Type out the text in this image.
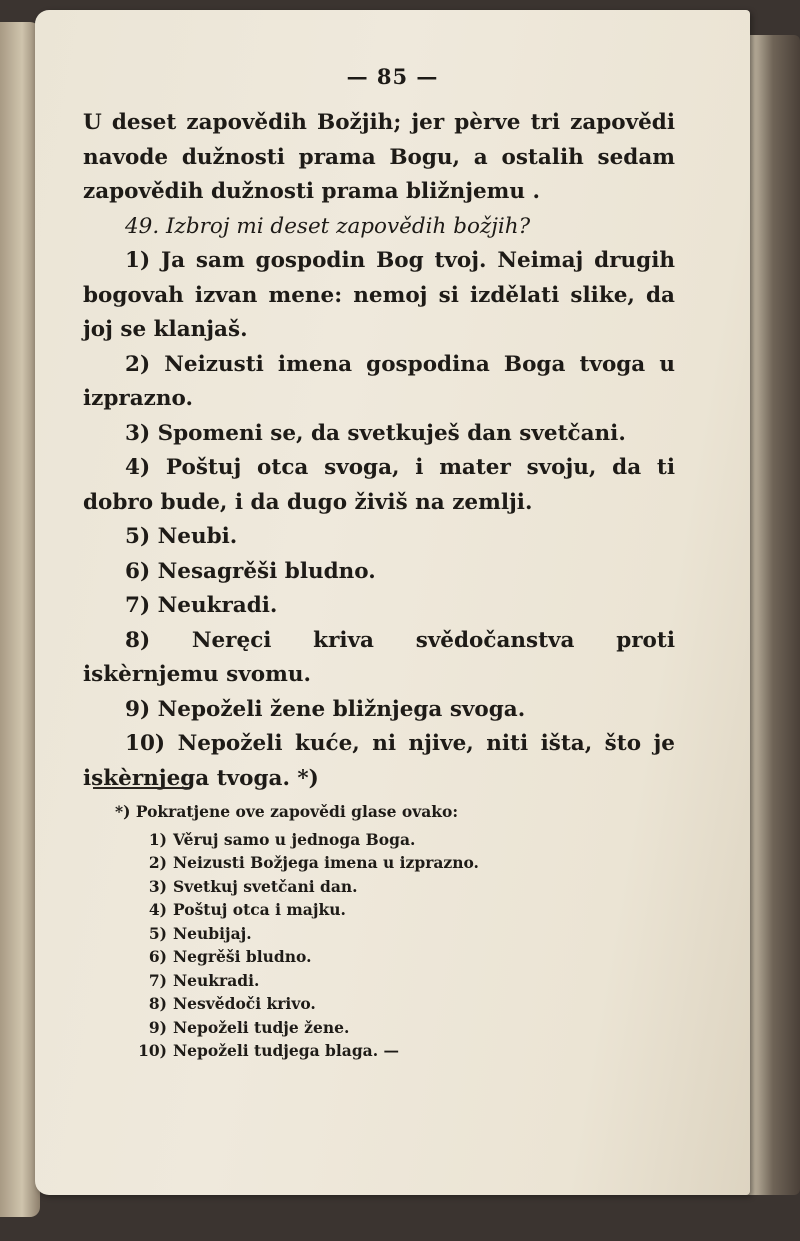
— 85 —

U deset zapovědih Božjih; jer pèrve tri zapovědi navode dužnosti prama Bogu, a ostalih sedam zapovědih dužnosti prama bližnjemu .

49. Izbroj mi deset zapovědih božjih?

1) Ja sam gospodin Bog tvoj. Neimaj drugih bogovah izvan mene: nemoj si izdělati slike, da joj se klanjaš.

2) Neizusti imena gospodina Boga tvoga u izprazno.

3) Spomeni se, da svetkuješ dan svetčani.

4) Poštuj otca svoga, i mater svoju, da ti dobro bude, i da dugo živiš na zemlji.

5) Neubi.

6) Nesagrěši bludno.

7) Neukradi.

8) Neręci kriva svědočanstva proti iskèrnjemu svomu.

9) Nepoželi žene bližnjega svoga.

10) Nepoželi kuće, ni njive, niti išta, što je iskèrnjega tvoga. *)

*) Pokratjene ove zapovědi glase ovako:

1) Věruj samo u jednoga Boga.
2) Neizusti Božjega imena u izprazno.
3) Svetkuj svetčani dan.
4) Poštuj otca i majku.
5) Neubijaj.
6) Negrěši bludno.
7) Neukradi.
8) Nesvědoči krivo.
9) Nepoželi tudje žene.
10) Nepoželi tudjega blaga. —
